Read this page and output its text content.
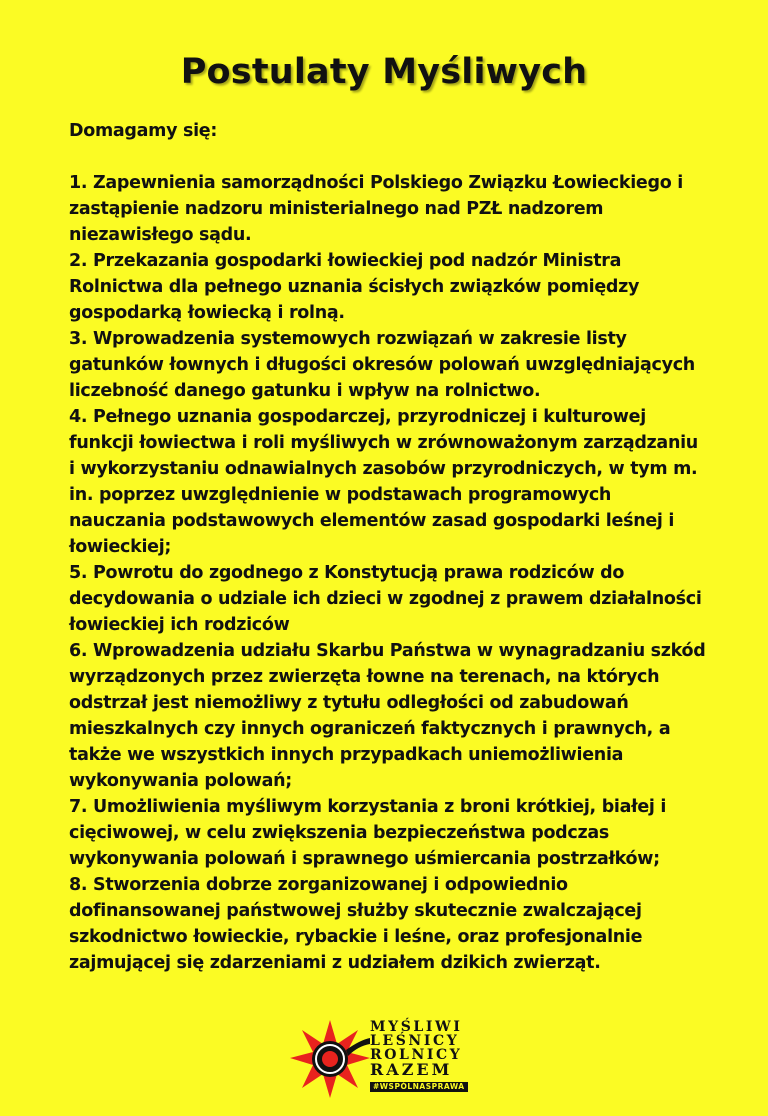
Postulaty Myśliwych

Domagamy się:

1. Zapewnienia samorządności Polskiego Związku Łowieckiego i zastąpienie nadzoru ministerialnego nad PZŁ nadzorem niezawisłego sądu.

2. Przekazania gospodarki łowieckiej pod nadzór Ministra Rolnictwa dla pełnego uznania ścisłych związków pomiędzy gospodarką łowiecką i rolną.

3. Wprowadzenia systemowych rozwiązań w zakresie listy gatunków łownych i długości okresów polowań uwzględniających liczebność danego gatunku i wpływ na rolnictwo.

4. Pełnego uznania gospodarczej, przyrodniczej i kulturowej funkcji łowiectwa i roli myśliwych w zrównoważonym zarządzaniu i wykorzystaniu odnawialnych zasobów przyrodniczych, w tym m. in. poprzez uwzględnienie w podstawach programowych nauczania podstawowych elementów zasad gospodarki leśnej i łowieckiej;

5. Powrotu do zgodnego z Konstytucją prawa rodziców do decydowania o udziale ich dzieci w zgodnej z prawem działalności łowieckiej ich rodziców

6. Wprowadzenia udziału Skarbu Państwa w wynagradzaniu szkód wyrządzonych przez zwierzęta łowne na terenach, na których odstrzał jest niemożliwy z tytułu odległości od zabudowań mieszkalnych czy innych ograniczeń faktycznych i prawnych, a także we wszystkich innych przypadkach uniemożliwienia wykonywania polowań;

7. Umożliwienia myśliwym korzystania z broni krótkiej, białej i cięciwowej, w celu zwiększenia bezpieczeństwa podczas wykonywania polowań i sprawnego uśmiercania postrzałków;

8. Stworzenia dobrze zorganizowanej i odpowiednio dofinansowanej państwowej służby skutecznie zwalczającej szkodnictwo łowieckie, rybackie i leśne, oraz profesjonalnie zajmującej się zdarzeniami z udziałem dzikich zwierząt.

MYŚLIWI
LEŚNICY
ROLNICY
RAZEM
#WSPÓLNASPRAWA
